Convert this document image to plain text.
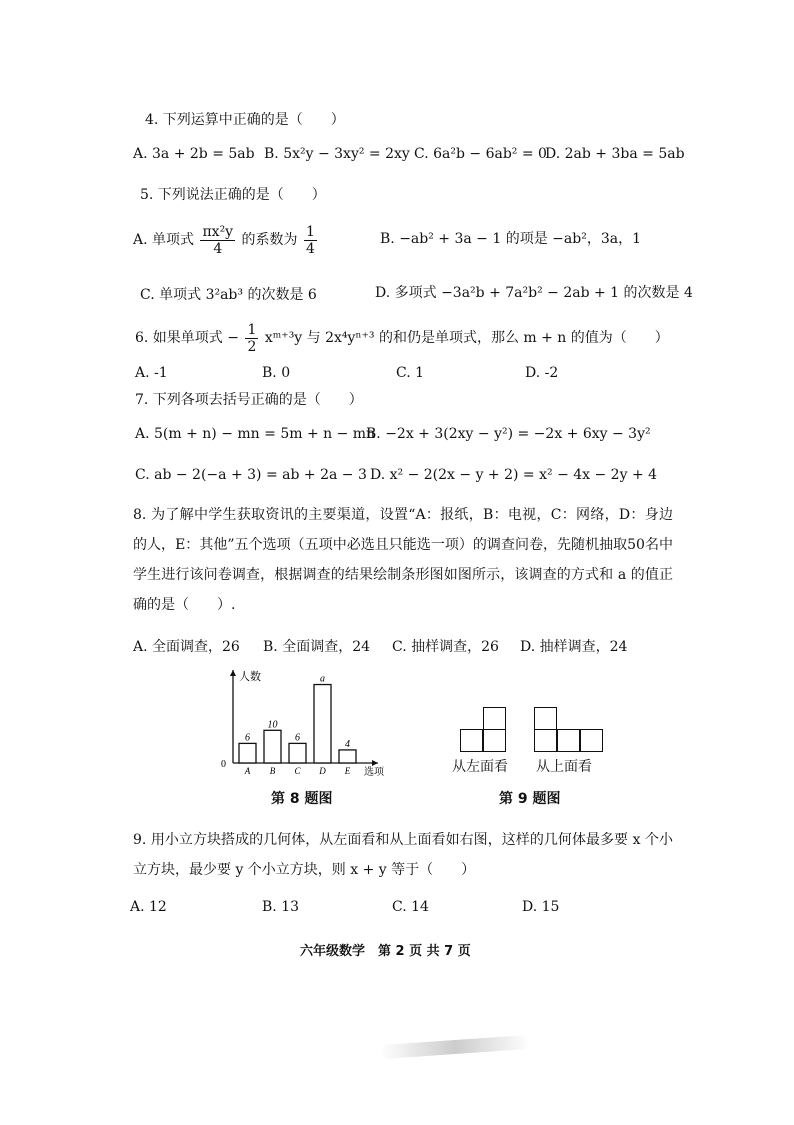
4. 下列运算中正确的是（　　）
A. 3a + 2b = 5ab B. 5x²y − 3xy² = 2xy C. 6a²b − 6ab² = 0
D. 2ab + 3ba = 5ab
5. 下列说法正确的是（　　）
A. 单项式 $\frac{\text{πx²y}}{4}$ 的系数为 $\frac{1}{4}$	B. −ab² + 3a − 1 的项是 −ab²，3a，1
C. 单项式 3²ab³ 的次数是 6	D. 多项式 −3a²b + 7a²b² − 2ab + 1 的次数是 4
6. 如果单项式 − $\frac{1}{2}$ xᵐ⁺³y 与 2x⁴yⁿ⁺³ 的和仍是单项式，那么 m + n 的值为（　　）
A. -1	B. 0	C. 1	D. -2
7. 下列各项去括号正确的是（　　）
A. 5(m + n) − mn = 5m + n − mn
B. −2x + 3(2xy − y²) = −2x + 6xy − 3y²
C. ab − 2(−a + 3) = ab + 2a − 3 D. x² − 2(2x − y + 2) = x² − 4x − 2y + 4
8. 为了解中学生获取资讯的主要渠道，设置“A：报纸，B：电视，C：网络，D：身边的人，E：其他”五个选项（五项中必选且只能选一项）的调查问卷，先随机抽取50名中学生进行该问卷调查，根据调查的结果绘制条形图如图所示，该调查的方式和 a 的值正确的是（　　）.
A. 全面调查，26 B. 全面调查，24 C. 抽样调查，26 D. 抽样调查，24
0
人数
选项
6
A
10
B
6
C
a
D
4
E
第 8 题图
从左面看 从上面看
第 9 题图
9. 用小立方块搭成的几何体，从左面看和从上面看如右图，这样的几何体最多要 x 个小立方块，最少要 y 个小立方块，则 x + y 等于（　　）
A. 12	B. 13	C. 14	D. 15
六年级数学　第 2 页 共 7 页
